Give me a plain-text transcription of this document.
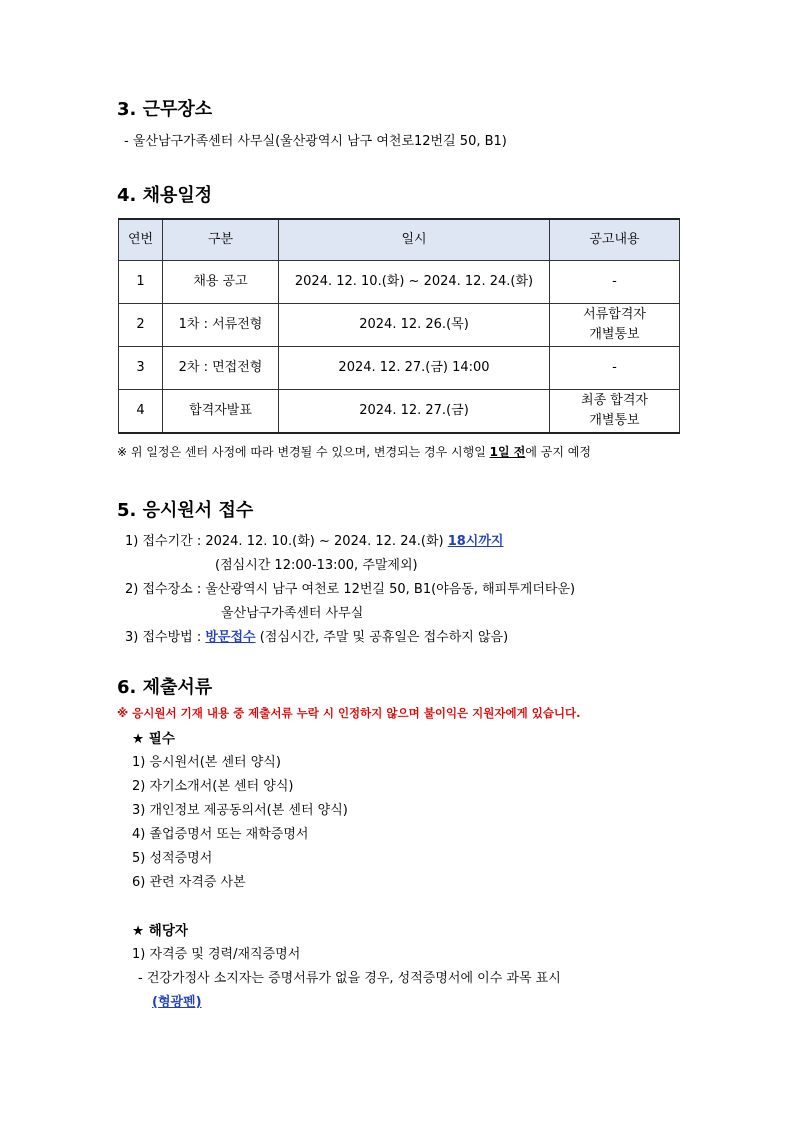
3. 근무장소
- 울산남구가족센터 사무실(울산광역시 남구 여천로12번길 50, B1)
4. 채용일정
연번	구분	일시	공고내용
1	채용 공고	2024. 12. 10.(화) ~ 2024. 12. 24.(화)	-
2	1차 : 서류전형	2024. 12. 26.(목)	서류합격자
개별통보

3	2차 : 면접전형	2024. 12. 27.(금) 14:00	-
4	합격자발표	2024. 12. 27.(금)	최종 합격자
개별통보
※ 위 일정은 센터 사정에 따라 변경될 수 있으며, 변경되는 경우 시행일 1일 전에 공지 예정
5. 응시원서 접수
1) 접수기간 : 2024. 12. 10.(화) ~ 2024. 12. 24.(화) 18시까지
(점심시간 12:00-13:00, 주말제외)
2) 접수장소 : 울산광역시 남구 여천로 12번길 50, B1(야음동, 해피투게더타운)
울산남구가족센터 사무실
3) 접수방법 : 방문접수 (점심시간, 주말 및 공휴일은 접수하지 않음)
6. 제출서류
※ 응시원서 기재 내용 중 제출서류 누락 시 인정하지 않으며 불이익은 지원자에게 있습니다.
★ 필수
1) 응시원서(본 센터 양식)
2) 자기소개서(본 센터 양식)
3) 개인정보 제공동의서(본 센터 양식)
4) 졸업증명서 또는 재학증명서
5) 성적증명서
6) 관련 자격증 사본
★ 해당자
1) 자격증 및 경력/재직증명서
- 건강가정사 소지자는 증명서류가 없을 경우, 성적증명서에 이수 과목 표시
(형광펜)
